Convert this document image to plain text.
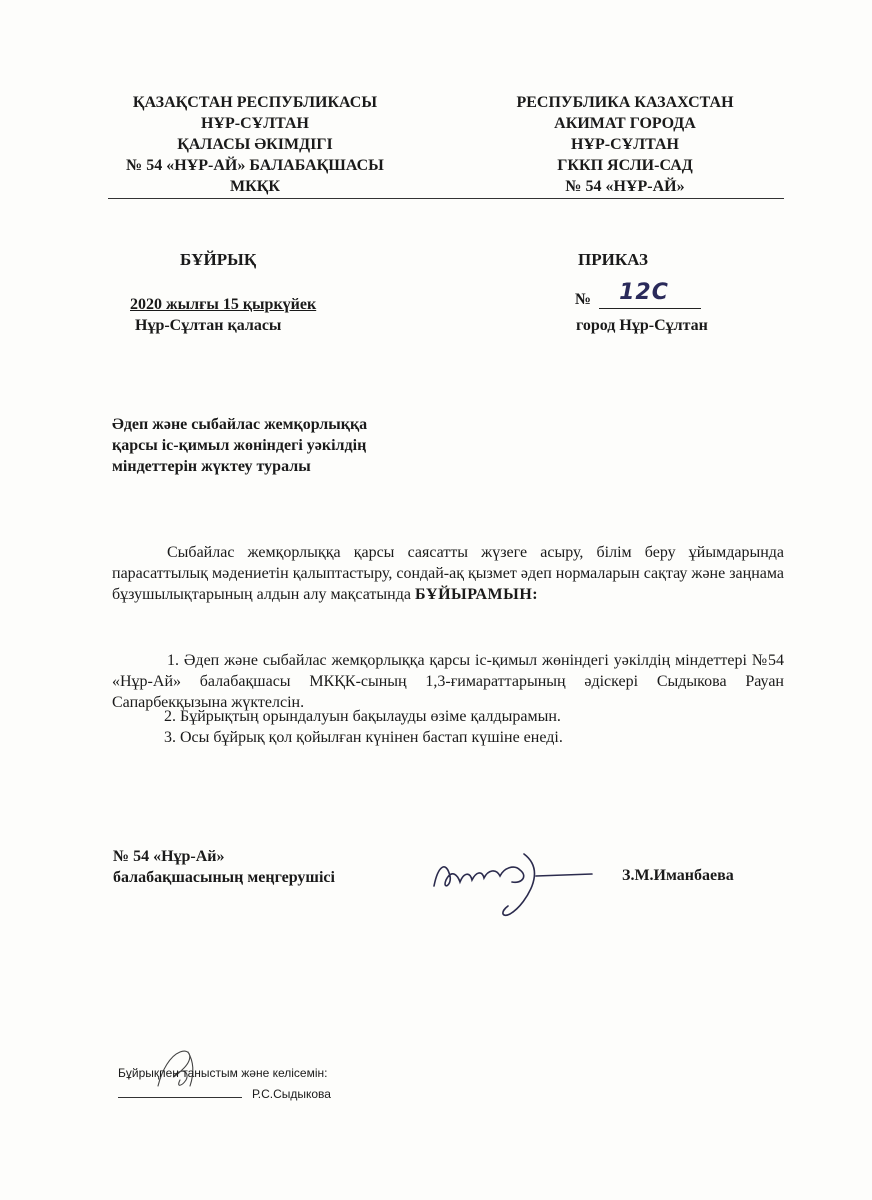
ҚАЗАҚСТАН РЕСПУБЛИКАСЫ
НҰР-СҰЛТАН
ҚАЛАСЫ ӘКІМДІГІ
№ 54 «НҰР-АЙ» БАЛАБАҚШАСЫ
МКҚК
РЕСПУБЛИКА КАЗАХСТАН
АКИМАТ ГОРОДА
НҰР-СҰЛТАН
ГККП ЯСЛИ-САД
№ 54 «НҰР-АЙ»
БҰЙРЫҚ	ПРИКАЗ
2020 жылғы 15 қыркүйек	№ 12С
Нұр-Сұлтан қаласы	город Нұр-Сұлтан
Әдеп және сыбайлас жемқорлыққа
қарсы іс-қимыл жөніндегі уәкілдің
міндеттерін жүктеу туралы
Сыбайлас жемқорлыққа қарсы саясатты жүзеге асыру, білім беру ұйымдарында парасаттылық мәдениетін қалыптастыру, сондай-ақ қызмет әдеп нормаларын сақтау және заңнама бұзушылықтарының алдын алу мақсатында БҰЙЫРАМЫН:
1. Әдеп және сыбайлас жемқорлыққа қарсы іс-қимыл жөніндегі уәкілдің міндеттері №54 «Нұр-Ай» балабақшасы МКҚК-сының 1,3-ғимараттарының әдіскері Сыдыкова Рауан Сапарбекқызына жүктелсін.
2. Бұйрықтың орындалуын бақылауды өзіме қалдырамын.
3. Осы бұйрық қол қойылған күнінен бастап күшіне енеді.
№ 54 «Нұр-Ай»
балабақшасының меңгерушісі	З.М.Иманбаева
Бұйрықпен таныстым және келісемін:
Р.С.Сыдыкова
